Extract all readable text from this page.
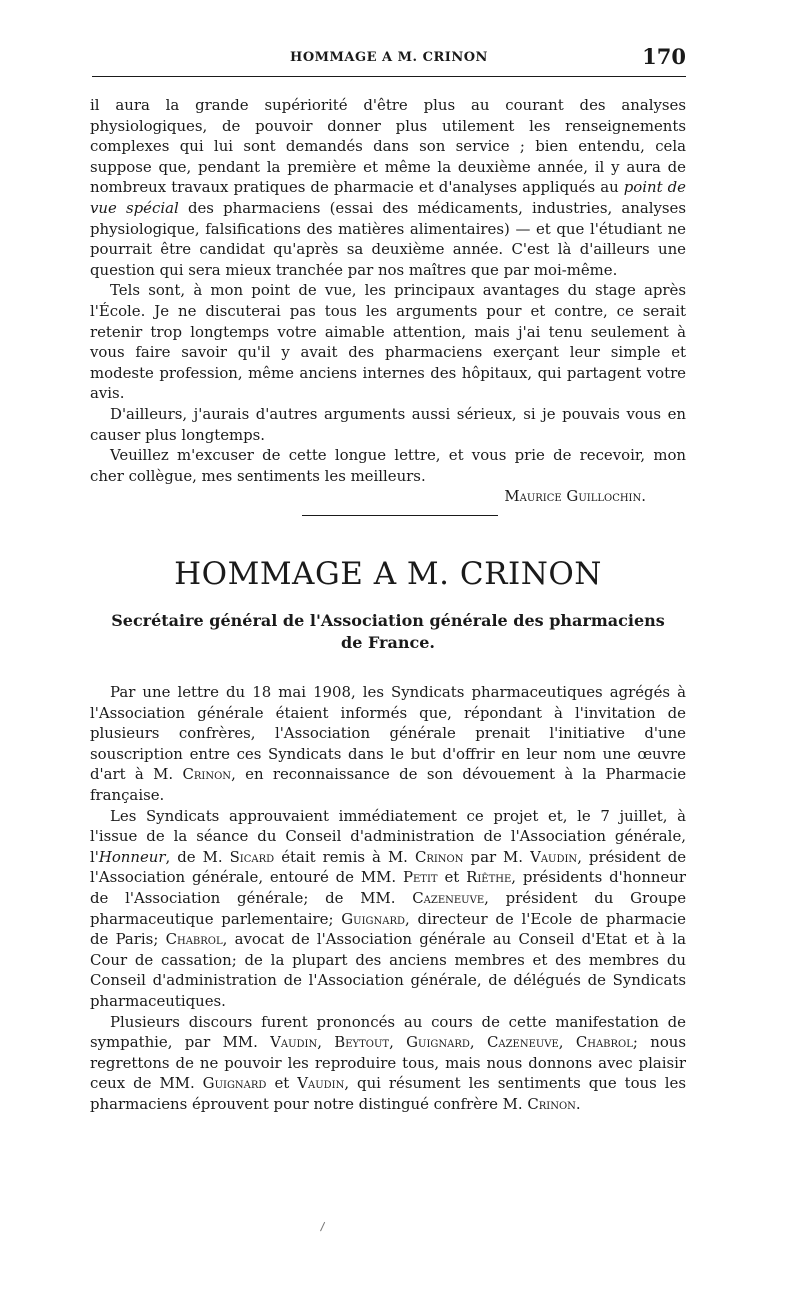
HOMMAGE A M. CRINON	170

il aura la grande supériorité d'être plus au courant des analyses physiologiques, de pouvoir donner plus utilement les renseignements complexes qui lui sont demandés dans son service ; bien entendu, cela suppose que, pendant la première et même la deuxième année, il y aura de nombreux travaux pratiques de pharmacie et d'analyses appliqués au point de vue spécial des pharmaciens (essai des médicaments, industries, analyses physiologique, falsifications des matières alimentaires) — et que l'étudiant ne pourrait être candidat qu'après sa deuxième année. C'est là d'ailleurs une question qui sera mieux tranchée par nos maîtres que par moi-même.

Tels sont, à mon point de vue, les principaux avantages du stage après l'École. Je ne discuterai pas tous les arguments pour et contre, ce serait retenir trop longtemps votre aimable attention, mais j'ai tenu seulement à vous faire savoir qu'il y avait des pharmaciens exerçant leur simple et modeste profession, même anciens internes des hôpitaux, qui partagent votre avis.

D'ailleurs, j'aurais d'autres arguments aussi sérieux, si je pouvais vous en causer plus longtemps.

Veuillez m'excuser de cette longue lettre, et vous prie de recevoir, mon cher collègue, mes sentiments les meilleurs.

Maurice Guillochin.

HOMMAGE A M. CRINON
Secrétaire général de l'Association générale des pharmaciens
de France.

Par une lettre du 18 mai 1908, les Syndicats pharmaceutiques agrégés à l'Association générale étaient informés que, répondant à l'invitation de plusieurs confrères, l'Association générale prenait l'initiative d'une souscription entre ces Syndicats dans le but d'offrir en leur nom une œuvre d'art à M. Crinon, en reconnaissance de son dévouement à la Pharmacie française.

Les Syndicats approuvaient immédiatement ce projet et, le 7 juillet, à l'issue de la séance du Conseil d'administration de l'Association générale, l'Honneur, de M. Sicard était remis à M. Crinon par M. Vaudin, président de l'Association générale, entouré de MM. Petit et Riêthe, présidents d'honneur de l'Association générale; de MM. Cazeneuve, président du Groupe pharmaceutique parlementaire; Guignard, directeur de l'Ecole de pharmacie de Paris; Chabrol, avocat de l'Association générale au Conseil d'Etat et à la Cour de cassation; de la plupart des anciens membres et des membres du Conseil d'administration de l'Association générale, de délégués de Syndicats pharmaceutiques.

Plusieurs discours furent prononcés au cours de cette manifestation de sympathie, par MM. Vaudin, Beytout, Guignard, Cazeneuve, Chabrol; nous regrettons de ne pouvoir les reproduire tous, mais nous donnons avec plaisir ceux de MM. Guignard et Vaudin, qui résument les sentiments que tous les pharmaciens éprouvent pour notre distingué confrère M. Crinon.
